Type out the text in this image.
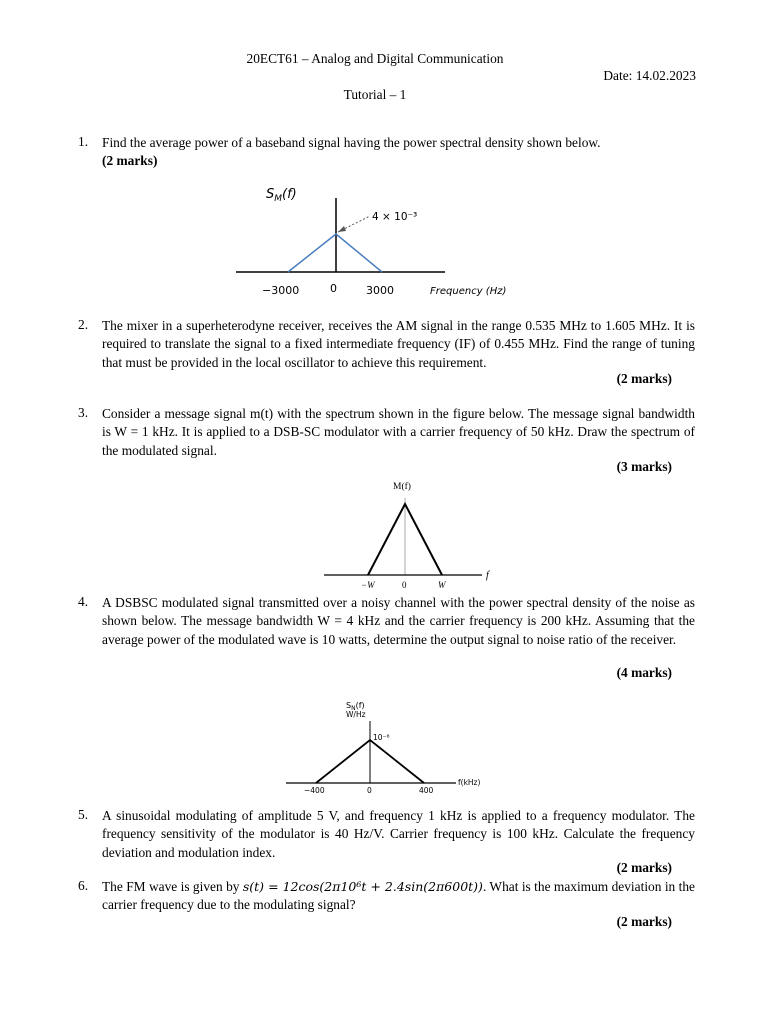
20ECT61 – Analog and Digital Communication
Date: 14.02.2023
Tutorial – 1
1. Find the average power of a baseband signal having the power spectral density shown below.
(2 marks)
$S_M(f)$
4 × 10⁻³
−3000	0	3000	Frequency (Hz)
2. The mixer in a superheterodyne receiver, receives the AM signal in the range 0.535 MHz to 1.605 MHz. It is required to translate the signal to a fixed intermediate frequency (IF) of 0.455 MHz. Find the range of tuning that must be provided in the local oscillator to achieve this requirement.
(2 marks)
3. Consider a message signal m(t) with the spectrum shown in the figure below. The message signal bandwidth is W = 1 kHz. It is applied to a DSB-SC modulator with a carrier frequency of 50 kHz. Draw the spectrum of the modulated signal.
(3 marks)
M(f)
−W	0	W
f
4. A DSBSC modulated signal transmitted over a noisy channel with the power spectral density of the noise as shown below. The message bandwidth W = 4 kHz and the carrier frequency is 200 kHz. Assuming that the average power of the modulated wave is 10 watts, determine the output signal to noise ratio of the receiver.
(4 marks)
$S_N(f)$
W/Hz
10⁻⁶
−400	0	400
f(kHz)
5. A sinusoidal modulating of amplitude 5 V, and frequency 1 kHz is applied to a frequency modulator. The frequency sensitivity of the modulator is 40 Hz/V. Carrier frequency is 100 kHz. Calculate the frequency deviation and modulation index.
(2 marks)
6. The FM wave is given by s(t) = 12cos(2π10⁶t + 2.4sin(2π600t)). What is the maximum deviation in the carrier frequency due to the modulating signal?
(2 marks)
